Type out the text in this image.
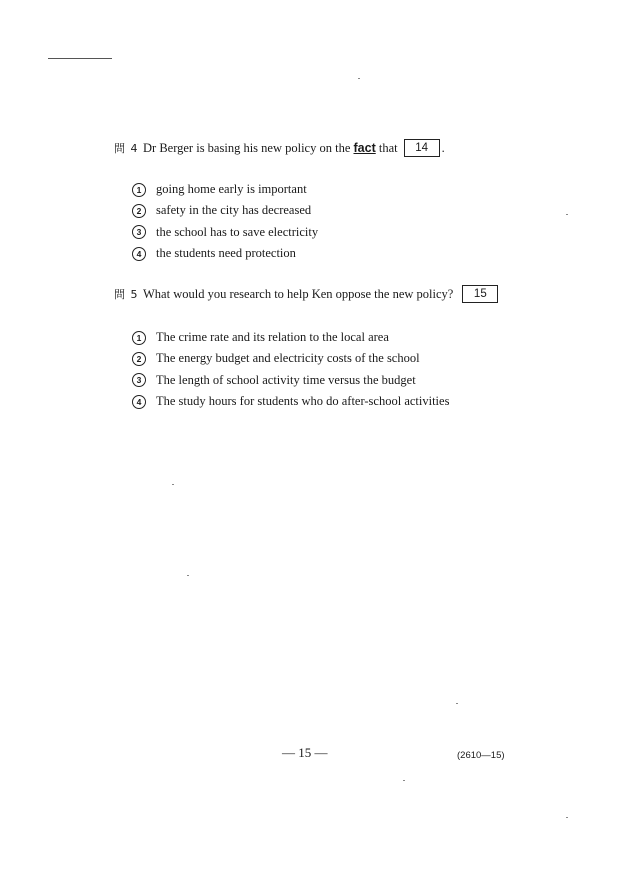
問 4 Dr Berger is basing his new policy on the fact that 14 .
1	going home early is important
2	safety in the city has decreased
3	the school has to save electricity
4	the students need protection
問 5 What would you research to help Ken oppose the new policy? 15
1	The crime rate and its relation to the local area
2	The energy budget and electricity costs of the school
3	The length of school activity time versus the budget
4	The study hours for students who do after-school activities
— 15 —	(2610—15)
